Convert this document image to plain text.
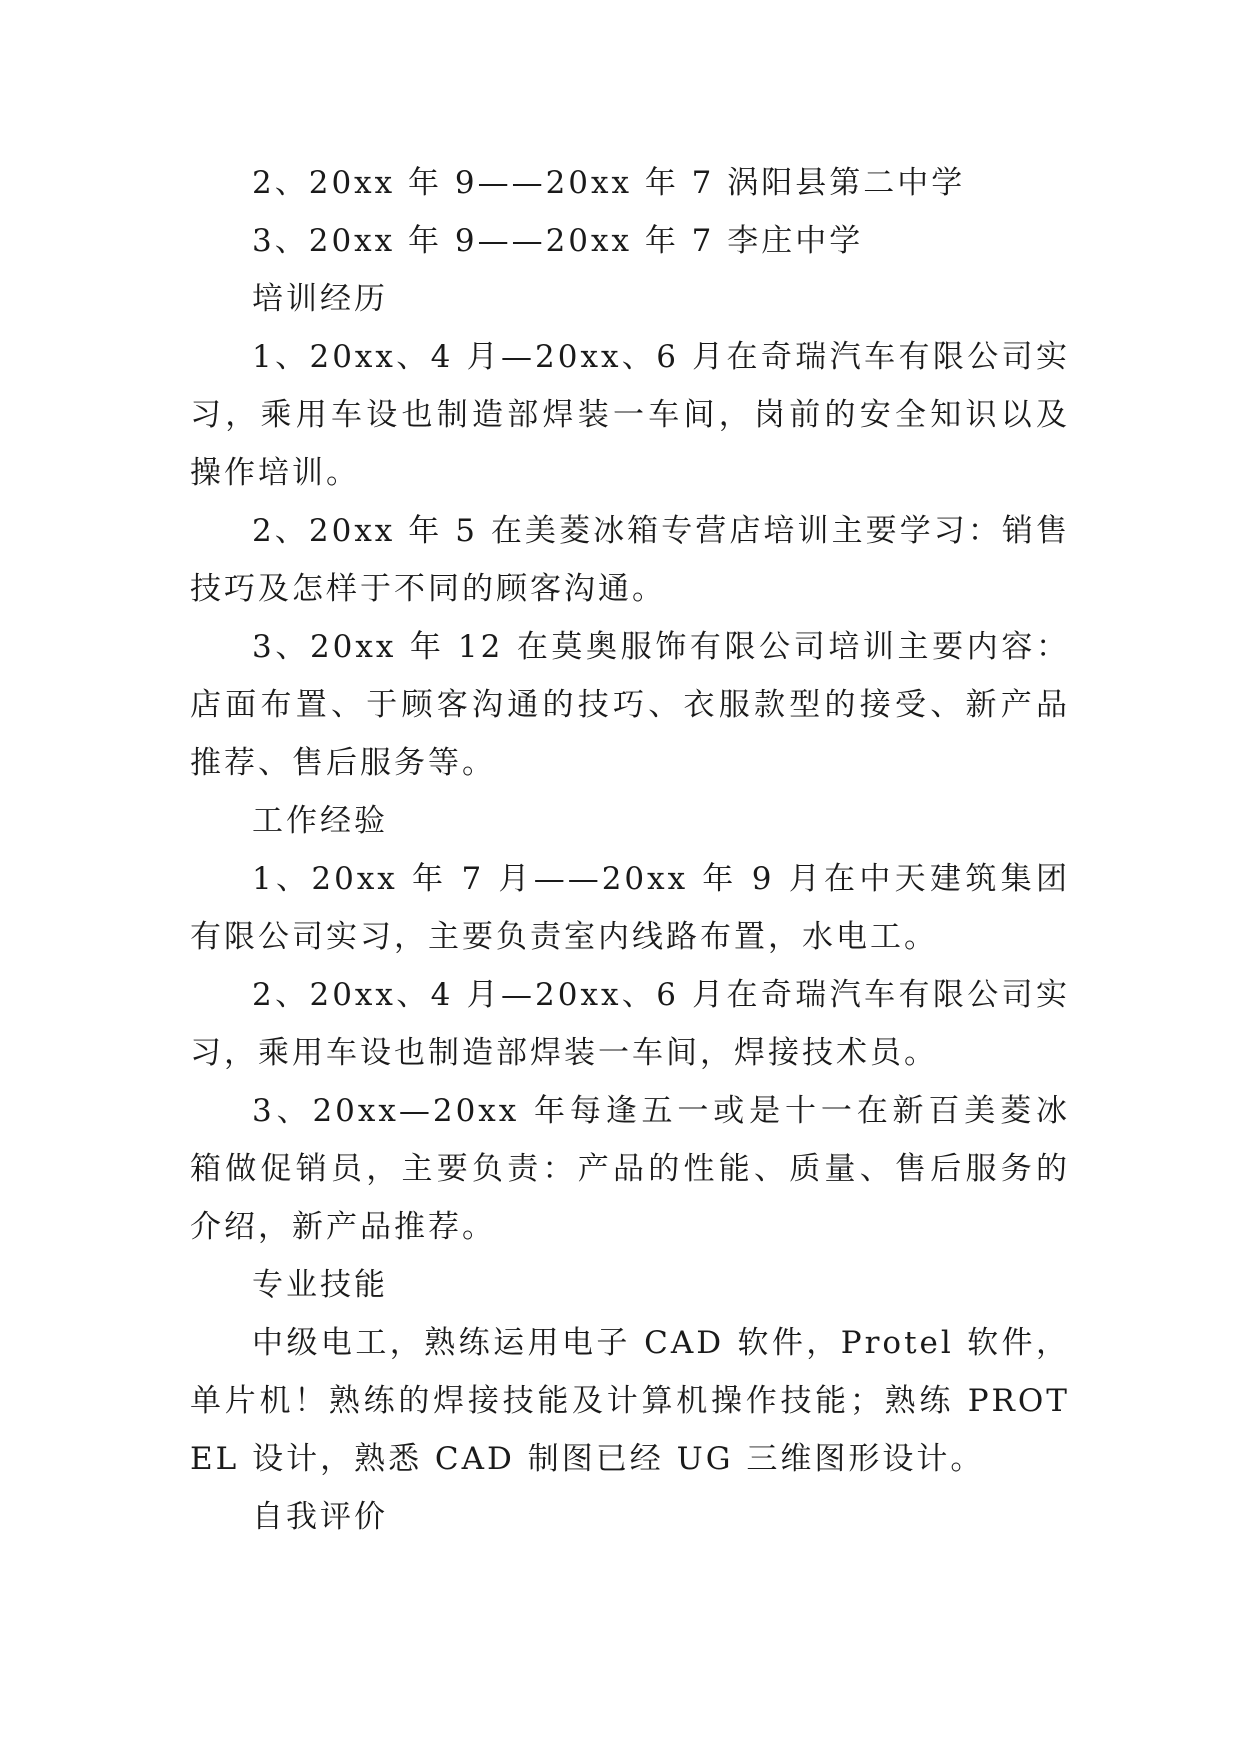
2、20xx 年 9——20xx 年 7 涡阳县第二中学

3、20xx 年 9——20xx 年 7 李庄中学

培训经历

1、20xx、4 月—20xx、6 月在奇瑞汽车有限公司实习，乘用车设也制造部焊装一车间，岗前的安全知识以及操作培训。

2、20xx 年 5 在美菱冰箱专营店培训主要学习：销售技巧及怎样于不同的顾客沟通。

3、20xx 年 12 在莫奥服饰有限公司培训主要内容：店面布置、于顾客沟通的技巧、衣服款型的接受、新产品推荐、售后服务等。

工作经验

1、20xx 年 7 月——20xx 年 9 月在中天建筑集团有限公司实习，主要负责室内线路布置，水电工。

2、20xx、4 月—20xx、6 月在奇瑞汽车有限公司实习，乘用车设也制造部焊装一车间，焊接技术员。

3、20xx—20xx 年每逢五一或是十一在新百美菱冰箱做促销员，主要负责：产品的性能、质量、售后服务的介绍，新产品推荐。

专业技能

中级电工，熟练运用电子 CAD 软件，Protel 软件，单片机！熟练的焊接技能及计算机操作技能；熟练 PROTEL 设计，熟悉 CAD 制图已经 UG 三维图形设计。

自我评价
